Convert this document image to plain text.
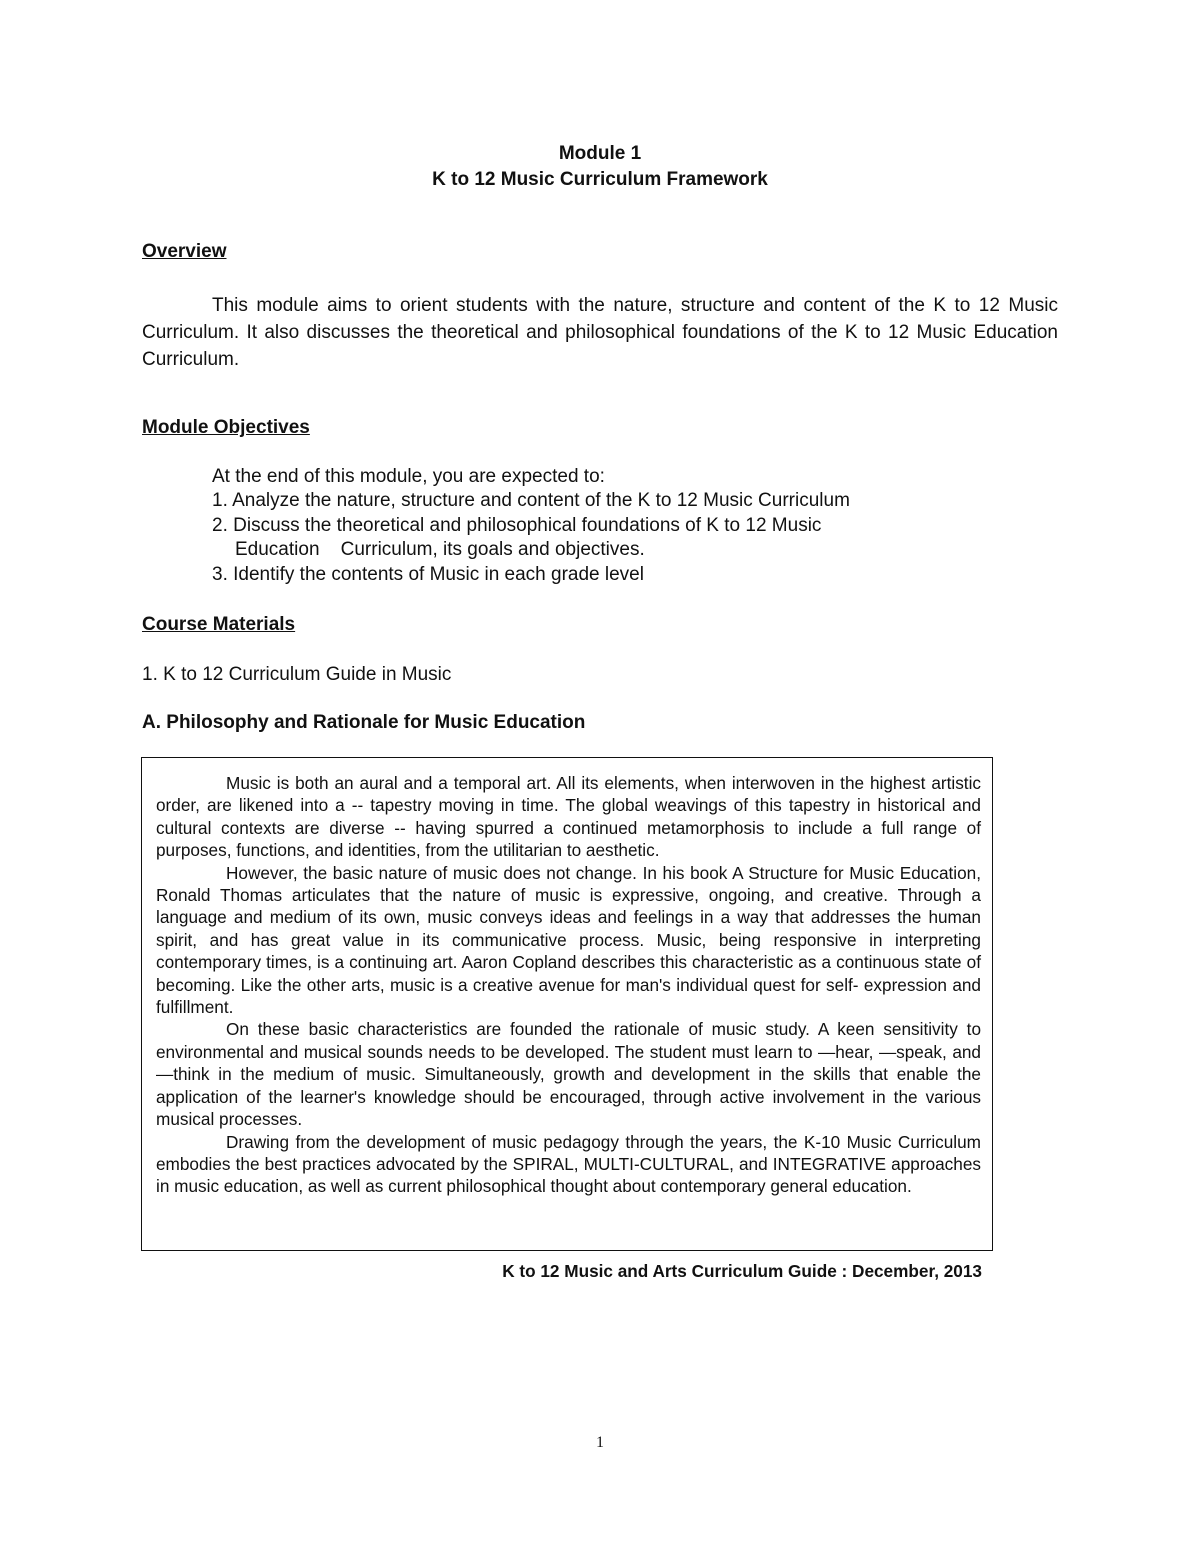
Module 1
K to 12 Music Curriculum Framework
Overview
This module aims to orient students with the nature, structure and content of the K to 12 Music Curriculum. It also discusses the theoretical and philosophical foundations of the K to 12 Music Education Curriculum.
Module Objectives
At the end of this module, you are expected to:
1. Analyze the nature, structure and content of the K to 12 Music Curriculum
2. Discuss the theoretical and philosophical foundations of K to 12 Music
Education    Curriculum, its goals and objectives.
3. Identify the contents of Music in each grade level
Course Materials
1. K to 12 Curriculum Guide in Music
A. Philosophy and Rationale for Music Education

Music is both an aural and a temporal art. All its elements, when interwoven in the highest artistic order, are likened into a -- tapestry moving in time. The global weavings of this tapestry in historical and cultural contexts are diverse -- having spurred a continued metamorphosis to include a full range of purposes, functions, and identities, from the utilitarian to aesthetic.

However, the basic nature of music does not change. In his book A Structure for Music Education, Ronald Thomas articulates that the nature of music is expressive, ongoing, and creative. Through a language and medium of its own, music conveys ideas and feelings in a way that addresses the human spirit, and has great value in its communicative process. Music, being responsive in interpreting contemporary times, is a continuing art. Aaron Copland describes this characteristic as a continuous state of becoming. Like the other arts, music is a creative avenue for man's individual quest for self- expression and fulfillment.

On these basic characteristics are founded the rationale of music study. A keen sensitivity to environmental and musical sounds needs to be developed. The student must learn to —hear, —speak, and —think in the medium of music. Simultaneously, growth and development in the skills that enable the application of the learner's knowledge should be encouraged, through active involvement in the various musical processes.

Drawing from the development of music pedagogy through the years, the K-10 Music Curriculum embodies the best practices advocated by the SPIRAL, MULTI-CULTURAL, and INTEGRATIVE approaches in music education, as well as current philosophical thought about contemporary general education.

K to 12 Music and Arts Curriculum Guide : December, 2013
1
